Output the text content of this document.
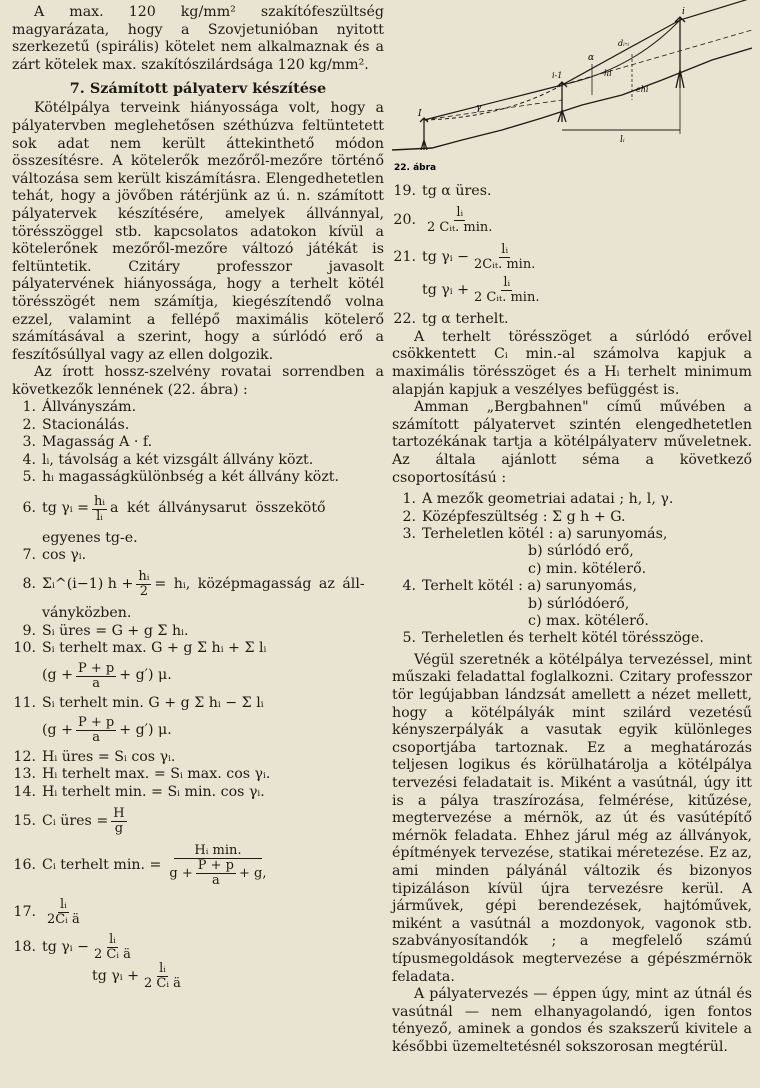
A max. 120 kg/mm² szakítófeszültség magyarázata, hogy a Szovjetunióban nyitott szerkezetű (spirális) kötelet nem alkalmaznak és a zárt kötelek max. szakítószilárdsága 120 kg/mm².

7. Számított pályaterv készítése

Kötélpálya terveink hiányossága volt, hogy a pályatervben meglehetősen széthúzva feltüntetett sok adat nem került áttekinthető módon összesítésre. A kötelerők mezőről-mezőre történő változása sem került kiszámításra. Elengedhetetlen tehát, hogy a jövőben rátérjünk az ú. n. számított pályatervek készítésére, amelyek állvánnyal, törésszöggel stb. kapcsolatos adatokon kívül a kötelerőnek mezőről-mezőre változó játékát is feltüntetik. Czitáry professzor javasolt pályatervének hiányossága, hogy a terhelt kötél törésszögét nem számítja, kiegészítendő volna ezzel, valamint a fellépő maximális kötelerő számításával a szerint, hogy a súrlódó erő a feszítősúllyal vagy az ellen dolgozik.

Az írott hossz-szelvény rovatai sorrendben a következők lennének (22. ábra) :

1. Állványszám.
2. Stacionálás.
3. Magasság A · f.
4. lᵢ, távolság a két vizsgált állvány közt.
5. hᵢ magasságkülönbség a két állvány közt.
6. tg γᵢ = $\frac{\text{hᵢ}}{\text{lᵢ}}$ a két állványsarut összekötő
egyenes tg-e.
7. cos γᵢ.
8. Σᵢ^(i−1) $h + \frac{\text{hᵢ}}{2}$ = hᵢ, középmagasság az áll-
ványközben.
9. Sᵢ üres = G + g Σ hᵢ.
10. Sᵢ terhelt max. G + g Σ hᵢ + Σ lᵢ
$(g + \frac{P + p}{a} + g')$ μ.
11. Sᵢ terhelt min. G + g Σ hᵢ − Σ lᵢ
$(g + \frac{P + p}{a} + g')$ μ.
12. Hᵢ üres = Sᵢ cos γᵢ.
13. Hᵢ terhelt max. = Sᵢ max. cos γᵢ.
14. Hᵢ terhelt min. = Sᵢ min. cos γᵢ.
15. Cᵢ üres = $\frac{H}{g}$
16. Cᵢ terhelt min. = $\frac{\text{Hᵢ min.}}{g + \frac{P + p}{a} + g,}$
17. $\frac{\text{lᵢ}}{\text{2Cᵢ ä}}$
18. tg γᵢ − $\frac{\text{lᵢ}}{\text{2 Cᵢ ä}}$
tg γᵢ + $\frac{\text{lᵢ}}{\text{2 Cᵢ ä}}$
I
i-1
i
γ
α
hi
ehi
lᵢ
dᵢ-ᵢ
22. ábra
19. tg α üres.
20. $\frac{\text{lᵢ}}{\text{2 Cᵢₜ. min.}}$
21. tg γᵢ − $\frac{\text{lᵢ}}{\text{2Cᵢₜ. min.}}$
tg γᵢ + $\frac{\text{lᵢ}}{\text{2 Cᵢₜ. min.}}$
22. tg α terhelt.

A terhelt törésszöget a súrlódó erővel csökkentett Cᵢ min.-al számolva kapjuk a maximális törésszöget és a Hᵢ terhelt minimum alapján kapjuk a veszélyes befüggést is.

Amman „Bergbahnen" című művében a számított pályatervet szintén elengedhetetlen tartozékának tartja a kötélpályaterv műveletnek. Az általa ajánlott séma a következő csoportosítású :

1. A mezők geometriai adatai ; h, l, γ.
2. Középfeszültség : Σ g h + G.
3. Terheletlen kötél : a) sarunyomás,
b) súrlódó erő,
c) min. kötélerő.
4. Terhelt kötél : a) sarunyomás,
b) súrlódóerő,
c) max. kötélerő.
5. Terheletlen és terhelt kötél törésszöge.

Végül szeretnék a kötélpálya tervezéssel, mint műszaki feladattal foglalkozni. Czitary professzor tör legújabban lándzsát amellett a nézet mellett, hogy a kötélpályák mint szilárd vezetésű kényszerpályák a vasutak egyik különleges csoportjába tartoznak. Ez a meghatározás teljesen logikus és körülhatárolja a kötélpálya tervezési feladatait is. Miként a vasútnál, úgy itt is a pálya traszírozása, felmérése, kitűzése, megtervezése a mérnök, az út és vasútépítő mérnök feladata. Ehhez járul még az állványok, építmények tervezése, statikai méretezése. Ez az, ami minden pályánál változik és bizonyos tipizáláson kívül újra tervezésre kerül. A járművek, gépi berendezések, hajtóművek, miként a vasútnál a mozdonyok, vagonok stb. szabványosítandók ; a megfelelő számú típusmegoldások megtervezése a gépészmérnök feladata.

A pályatervezés — éppen úgy, mint az útnál és vasútnál — nem elhanyagolandó, igen fontos tényező, aminek a gondos és szakszerű kivitele a későbbi üzemeltetésnél sokszorosan megtérül.
